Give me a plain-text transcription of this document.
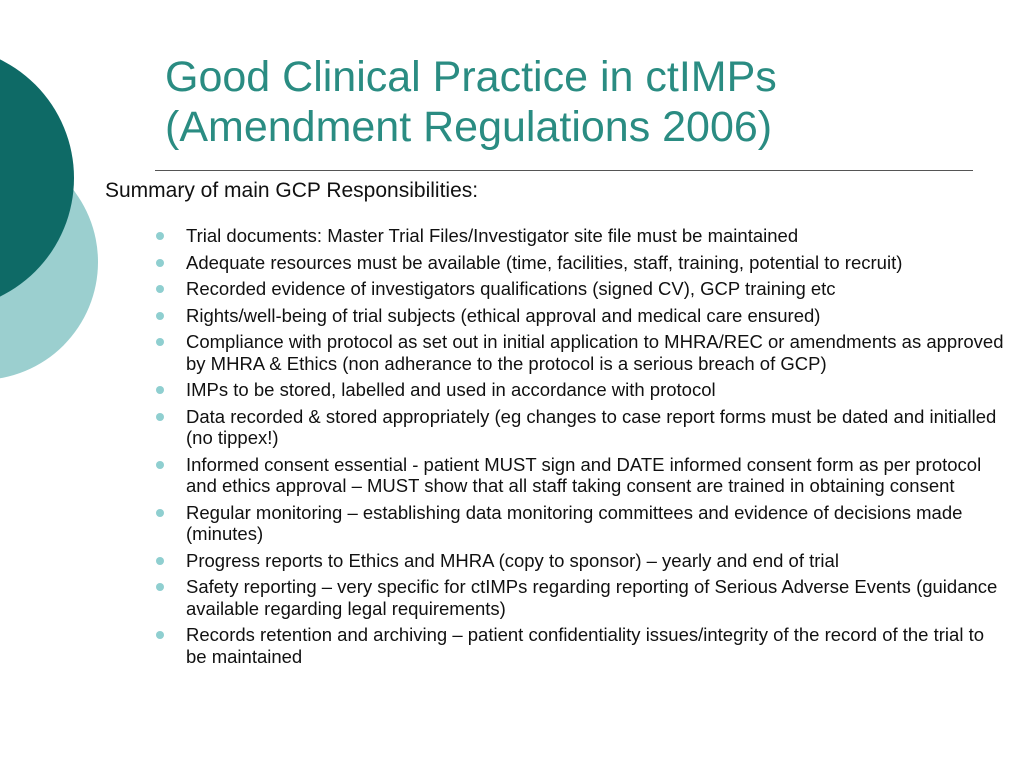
Good Clinical Practice in ctIMPs
(Amendment Regulations 2006)
Summary of main GCP Responsibilities:
Trial documents: Master Trial Files/Investigator site file must be maintained
Adequate resources must be available (time, facilities, staff, training, potential to recruit)
Recorded evidence of investigators qualifications (signed CV), GCP training etc
Rights/well-being of trial subjects (ethical approval and medical care ensured)
Compliance with protocol as set out in initial application to MHRA/REC or amendments as approved by MHRA & Ethics (non adherance to the protocol is a serious breach of GCP)
IMPs to be stored, labelled and used in accordance with protocol
Data recorded & stored appropriately (eg changes to case report forms must be dated and initialled (no tippex!)
Informed consent essential - patient MUST sign and DATE informed consent form as per protocol and ethics approval – MUST show that all staff taking consent are trained in obtaining consent
Regular monitoring – establishing data monitoring committees and evidence of decisions made (minutes)
Progress reports to Ethics and MHRA (copy to sponsor) – yearly and end of trial
Safety reporting – very specific for ctIMPs regarding reporting of Serious Adverse Events (guidance available regarding legal requirements)
Records retention and archiving – patient confidentiality issues/integrity of the record of the trial to be maintained
